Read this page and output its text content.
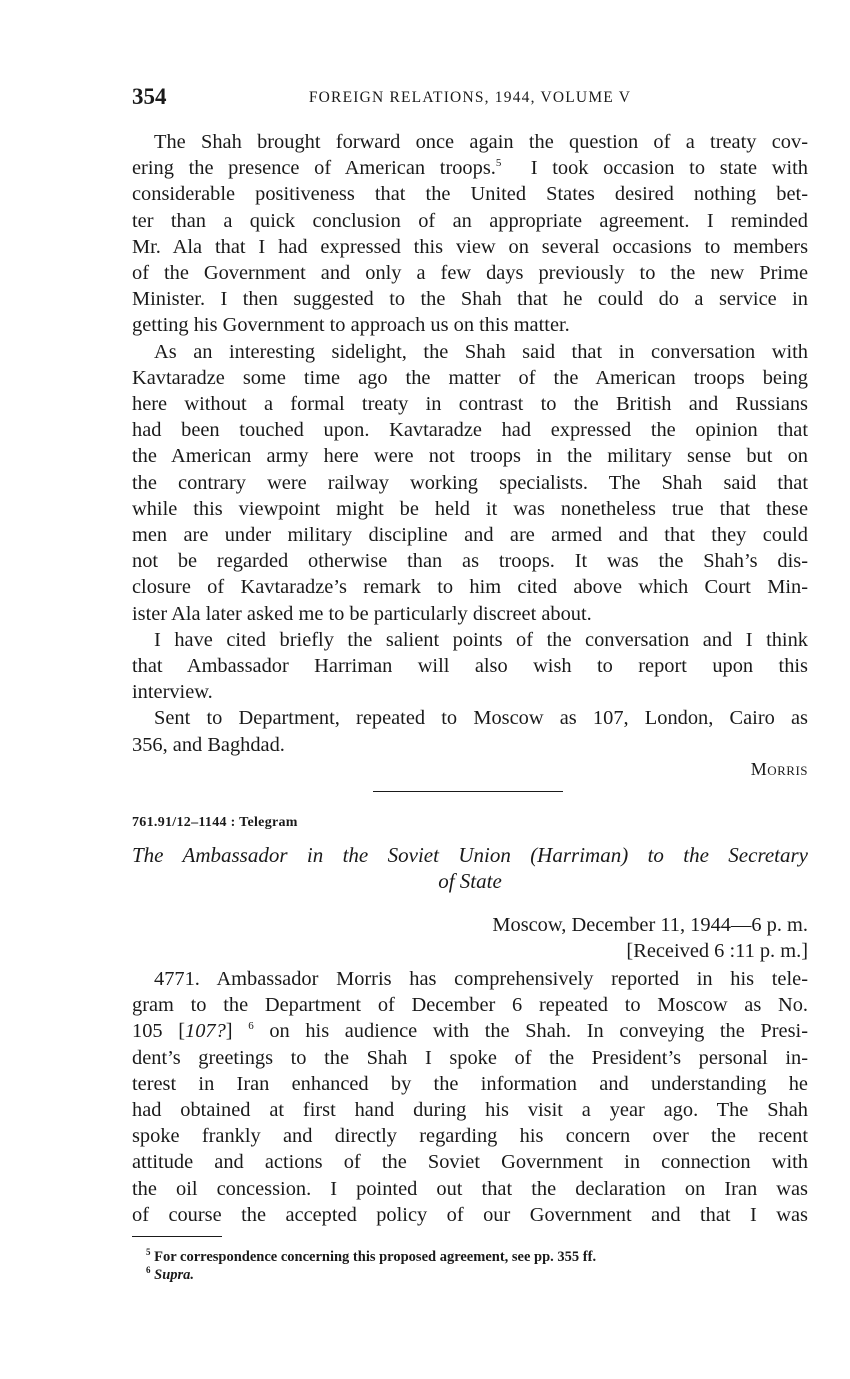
354	FOREIGN RELATIONS, 1944, VOLUME V
The Shah brought forward once again the question of a treaty cov-
ering the presence of American troops.$^5$ I took occasion to state with
considerable positiveness that the United States desired nothing bet-
ter than a quick conclusion of an appropriate agreement. I reminded
Mr. Ala that I had expressed this view on several occasions to members
of the Government and only a few days previously to the new Prime
Minister. I then suggested to the Shah that he could do a service in
getting his Government to approach us on this matter.
As an interesting sidelight, the Shah said that in conversation with
Kavtaradze some time ago the matter of the American troops being
here without a formal treaty in contrast to the British and Russians
had been touched upon. Kavtaradze had expressed the opinion that
the American army here were not troops in the military sense but on
the contrary were railway working specialists. The Shah said that
while this viewpoint might be held it was nonetheless true that these
men are under military discipline and are armed and that they could
not be regarded otherwise than as troops. It was the Shah’s dis-
closure of Kavtaradze’s remark to him cited above which Court Min-
ister Ala later asked me to be particularly discreet about.
I have cited briefly the salient points of the conversation and I think
that Ambassador Harriman will also wish to report upon this
interview.
Sent to Department, repeated to Moscow as 107, London, Cairo as
356, and Baghdad.
Morris
761.91/12–1144 : Telegram
The Ambassador in the Soviet Union (Harriman) to the Secretary
of State
Moscow, December 11, 1944—6 p. m.
[Received 6 :11 p. m.]
4771. Ambassador Morris has comprehensively reported in his tele-
gram to the Department of December 6 repeated to Moscow as No.
105 [107?] $^6$ on his audience with the Shah. In conveying the Presi-
dent’s greetings to the Shah I spoke of the President’s personal in-
terest in Iran enhanced by the information and understanding he
had obtained at first hand during his visit a year ago. The Shah
spoke frankly and directly regarding his concern over the recent
attitude and actions of the Soviet Government in connection with
the oil concession. I pointed out that the declaration on Iran was
of course the accepted policy of our Government and that I was
$^5$ For correspondence concerning this proposed agreement, see pp. 355 ff.
$^6$ Supra.
